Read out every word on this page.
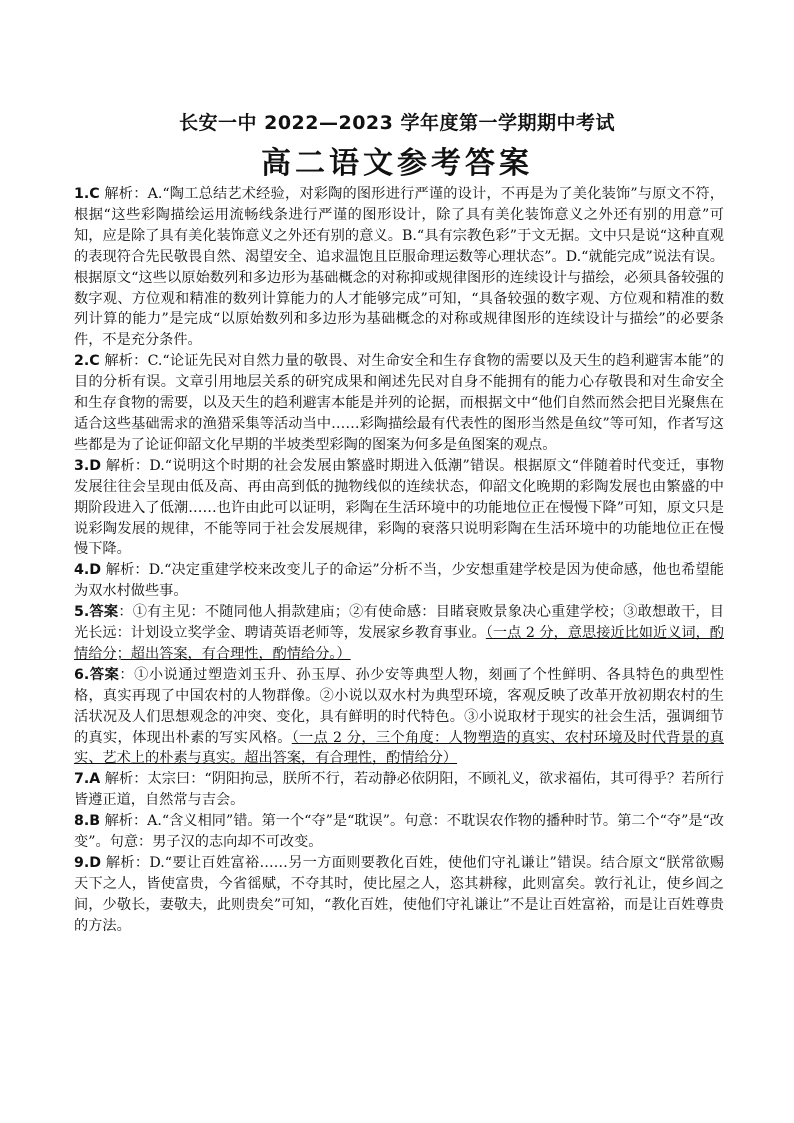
长安一中 2022—2023 学年度第一学期期中考试
高二语文参考答案

1.C 解析：A.“陶工总结艺术经验，对彩陶的图形进行严谨的设计，不再是为了美化装饰”与原文不符，根据“这些彩陶描绘运用流畅线条进行严谨的图形设计，除了具有美化装饰意义之外还有别的用意”可知，应是除了具有美化装饰意义之外还有别的意义。B.“具有宗教色彩”于文无据。文中只是说“这种直观的表现符合先民敬畏自然、渴望安全、追求温饱且臣服命理运数等心理状态”。D.“就能完成”说法有误。根据原文“这些以原始数列和多边形为基础概念的对称抑或规律图形的连续设计与描绘，必须具备较强的数字观、方位观和精准的数列计算能力的人才能够完成”可知，“具备较强的数字观、方位观和精准的数列计算的能力”是完成“以原始数列和多边形为基础概念的对称或规律图形的连续设计与描绘”的必要条件，不是充分条件。

2.C 解析：C.“论证先民对自然力量的敬畏、对生命安全和生存食物的需要以及天生的趋利避害本能”的目的分析有误。文章引用地层关系的研究成果和阐述先民对自身不能拥有的能力心存敬畏和对生命安全和生存食物的需要，以及天生的趋利避害本能是并列的论据，而根据文中“他们自然而然会把目光聚焦在适合这些基础需求的渔猎采集等活动当中……彩陶描绘最有代表性的图形当然是鱼纹”等可知，作者写这些都是为了论证仰韶文化早期的半坡类型彩陶的图案为何多是鱼图案的观点。

3.D 解析：D.“说明这个时期的社会发展由繁盛时期进入低潮”错误。根据原文“伴随着时代变迁，事物发展往往会呈现由低及高、再由高到低的抛物线似的连续状态，仰韶文化晚期的彩陶发展也由繁盛的中期阶段进入了低潮……也许由此可以证明，彩陶在生活环境中的功能地位正在慢慢下降”可知，原文只是说彩陶发展的规律，不能等同于社会发展规律，彩陶的衰落只说明彩陶在生活环境中的功能地位正在慢慢下降。

4.D 解析：D.“决定重建学校来改变儿子的命运”分析不当，少安想重建学校是因为使命感，他也希望能为双水村做些事。

5.答案：①有主见：不随同他人捐款建庙；②有使命感：目睹衰败景象决心重建学校；③敢想敢干，目光长远：计划设立奖学金、聘请英语老师等，发展家乡教育事业。（一点 2 分，意思接近比如近义词，酌情给分；超出答案，有合理性，酌情给分。）

6.答案：①小说通过塑造刘玉升、孙玉厚、孙少安等典型人物，刻画了个性鲜明、各具特色的典型性格，真实再现了中国农村的人物群像。②小说以双水村为典型环境，客观反映了改革开放初期农村的生活状况及人们思想观念的冲突、变化，具有鲜明的时代特色。③小说取材于现实的社会生活，强调细节的真实，体现出朴素的写实风格。（一点 2 分，三个角度：人物塑造的真实、农村环境及时代背景的真实、艺术上的朴素与真实。超出答案，有合理性，酌情给分）

7.A 解析：太宗曰：“阴阳拘忌，朕所不行，若动静必依阴阳，不顾礼义，欲求福佑，其可得乎？若所行皆遵正道，自然常与吉会。

8.B 解析：A.“含义相同”错。第一个“夺”是“耽误”。句意：不耽误农作物的播种时节。第二个“夺”是“改变”。句意：男子汉的志向却不可改变。

9.D 解析：D.“要让百姓富裕……另一方面则要教化百姓，使他们守礼谦让”错误。结合原文“朕常欲赐天下之人，皆使富贵，今省徭赋，不夺其时，使比屋之人，恣其耕稼，此则富矣。敦行礼让，使乡闾之间，少敬长，妻敬夫，此则贵矣”可知，“教化百姓，使他们守礼谦让”不是让百姓富裕，而是让百姓尊贵的方法。
